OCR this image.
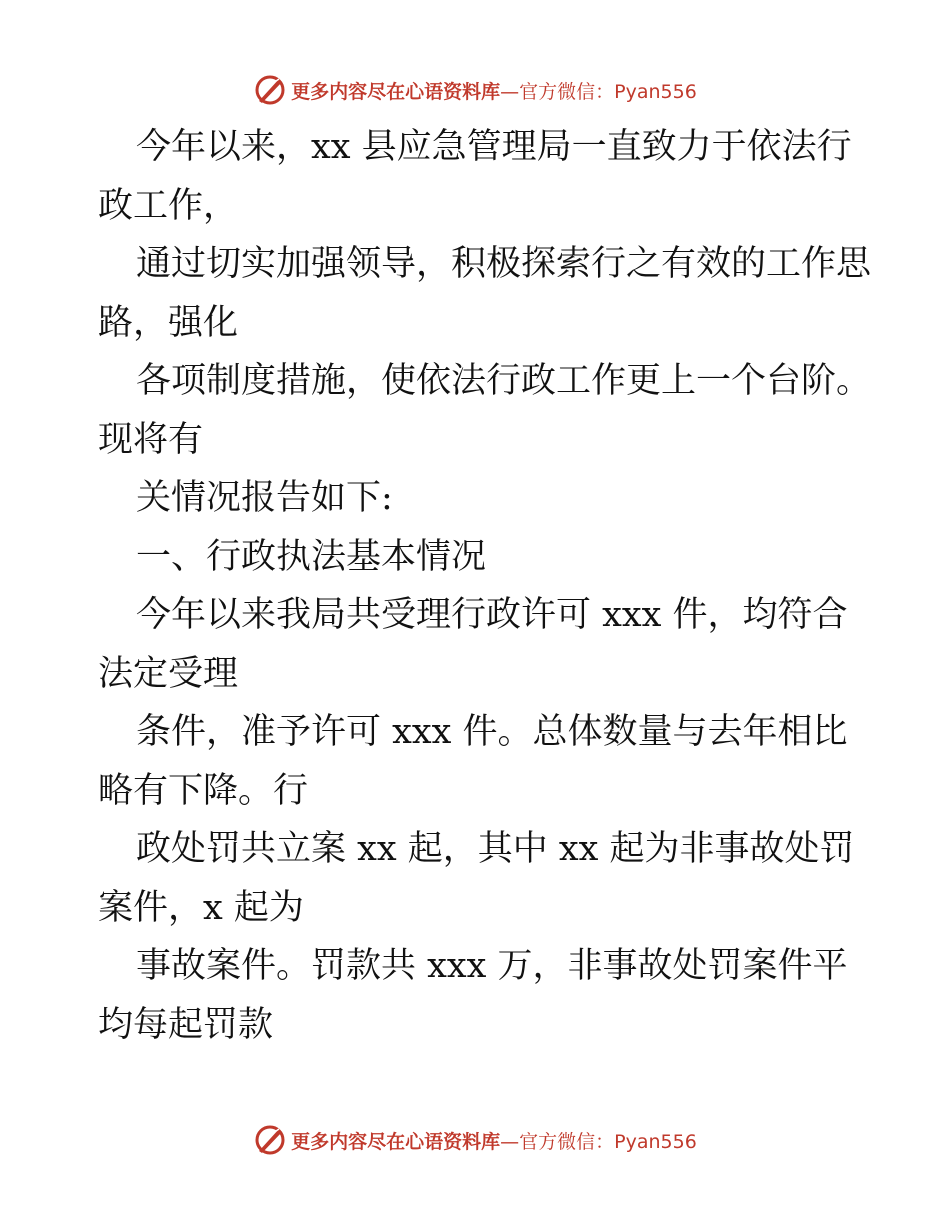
更多内容尽在心语资料库 —官方微信：Pyan556
今年以来，xx 县应急管理局一直致力于依法行
政工作，
通过切实加强领导，积极探索行之有效的工作思
路，强化
各项制度措施，使依法行政工作更上一个台阶。
现将有
关情况报告如下:
一、行政执法基本情况
今年以来我局共受理行政许可 xxx 件，均符合
法定受理
条件，准予许可 xxx 件。总体数量与去年相比
略有下降。行
政处罚共立案 xx 起，其中 xx 起为非事故处罚
案件，x 起为
事故案件。罚款共 xxx 万，非事故处罚案件平
均每起罚款
更多内容尽在心语资料库 —官方微信：Pyan556
